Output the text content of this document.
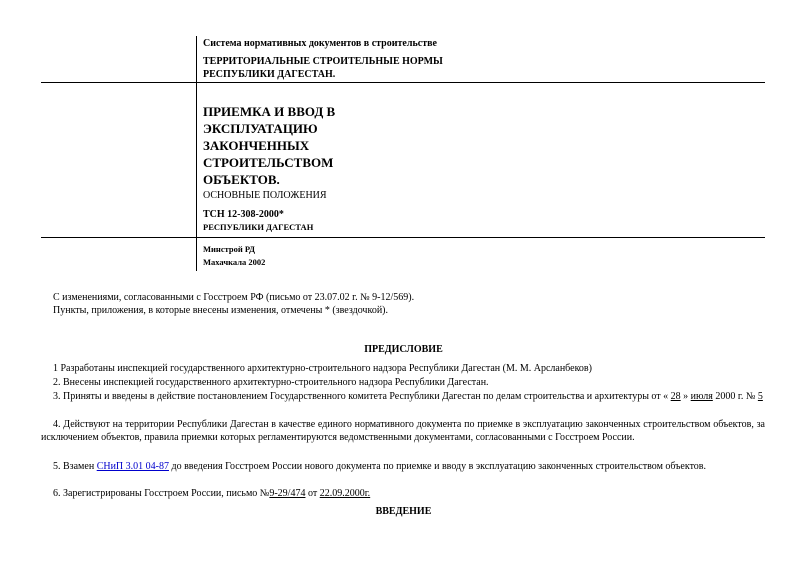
Система нормативных документов в строительстве
ТЕРРИТОРИАЛЬНЫЕ СТРОИТЕЛЬНЫЕ НОРМЫ
РЕСПУБЛИКИ ДАГЕСТАН.
ПРИЕМКА И ВВОД В ЭКСПЛУАТАЦИЮ ЗАКОНЧЕННЫХ СТРОИТЕЛЬСТВОМ ОБЪЕКТОВ.
ОСНОВНЫЕ ПОЛОЖЕНИЯ
ТСН 12-308-2000*
РЕСПУБЛИКИ ДАГЕСТАН
Минстрой РД
Махачкала 2002
С изменениями, согласованными с Госстроем РФ (письмо от 23.07.02 г. № 9-12/569).
Пункты, приложения, в которые внесены изменения, отмечены * (звездочкой).
ПРЕДИСЛОВИЕ
1 Разработаны инспекцией государственного архитектурно-строительного надзора Республики Дагестан (М. М. Арсланбеков)
2. Внесены инспекцией государственного архитектурно-строительного надзора Республики Дагестан.
3. Приняты и введены в действие постановлением Государственного комитета Республики Дагестан по делам строительства и архитектуры от « 28 » июля 2000 г. № 5
4. Действуют на территории Республики Дагестан в качестве единого нормативного документа по приемке в эксплуатацию законченных строительством объектов, за исключением объектов, правила приемки которых регламентируются ведомственными документами, согласованными с Госстроем России.
5. Взамен СНиП 3.01 04-87 до введения Госстроем России нового документа по приемке и вводу в эксплуатацию законченных строительством объектов.
6. Зарегистрированы Госстроем России, письмо №9-29/474 от 22.09.2000г.
ВВЕДЕНИЕ
